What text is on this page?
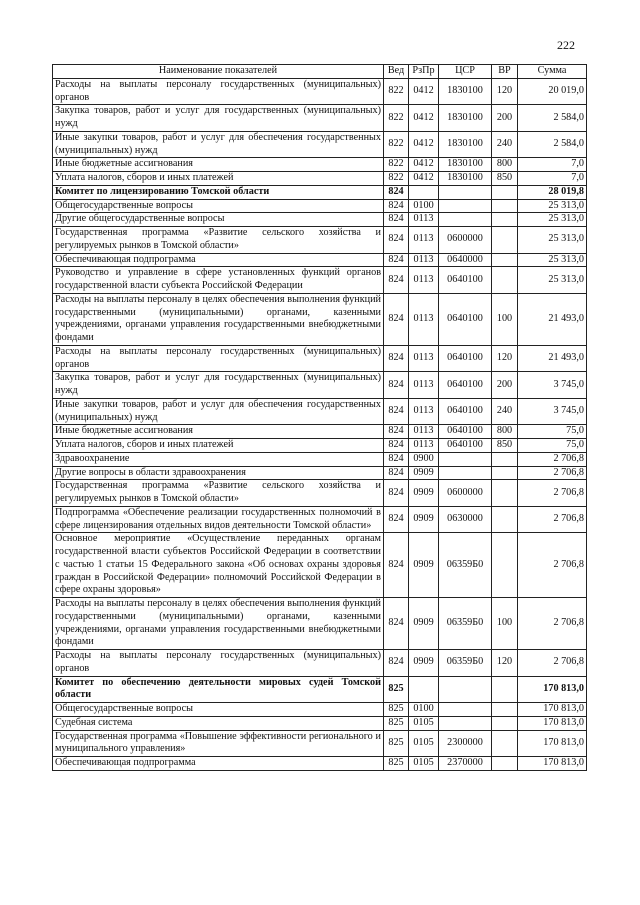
222
Наименование показателей	Вед	РзПр	ЦСР	ВР	Сумма
Расходы на выплаты персоналу государственных (муниципальных) органов	822	0412	1830100	120	20 019,0
Закупка товаров, работ и услуг для государственных (муниципальных) нужд	822	0412	1830100	200	2 584,0
Иные закупки товаров, работ и услуг для обеспечения государственных (муниципальных) нужд	822	0412	1830100	240	2 584,0
Иные бюджетные ассигнования	822	0412	1830100	800	7,0
Уплата налогов, сборов и иных платежей	822	0412	1830100	850	7,0
Комитет по лицензированию Томской области	824				28 019,8
Общегосударственные вопросы	824	0100			25 313,0
Другие общегосударственные вопросы	824	0113			25 313,0
Государственная программа «Развитие сельского хозяйства и регулируемых рынков в Томской области»	824	0113	0600000		25 313,0
Обеспечивающая подпрограмма	824	0113	0640000		25 313,0
Руководство и управление в сфере установленных функций органов государственной власти субъекта Российской Федерации	824	0113	0640100		25 313,0
Расходы на выплаты персоналу в целях обеспечения выполнения функций государственными (муниципальными) органами, казенными учреждениями, органами управления государственными внебюджетными фондами	824	0113	0640100	100	21 493,0
Расходы на выплаты персоналу государственных (муниципальных) органов	824	0113	0640100	120	21 493,0
Закупка товаров, работ и услуг для государственных (муниципальных) нужд	824	0113	0640100	200	3 745,0
Иные закупки товаров, работ и услуг для обеспечения государственных (муниципальных) нужд	824	0113	0640100	240	3 745,0
Иные бюджетные ассигнования	824	0113	0640100	800	75,0
Уплата налогов, сборов и иных платежей	824	0113	0640100	850	75,0
Здравоохранение	824	0900			2 706,8
Другие вопросы в области здравоохранения	824	0909			2 706,8
Государственная программа «Развитие сельского хозяйства и регулируемых рынков в Томской области»	824	0909	0600000		2 706,8
Подпрограмма «Обеспечение реализации государственных полномочий в сфере лицензирования отдельных видов деятельности Томской области»	824	0909	0630000		2 706,8
Основное мероприятие «Осуществление переданных органам государственной власти субъектов Российской Федерации в соответствии с частью 1 статьи 15 Федерального закона «Об основах охраны здоровья граждан в Российской Федерации» полномочий Российской Федерации в сфере охраны здоровья»	824	0909	06359Б0		2 706,8
Расходы на выплаты персоналу в целях обеспечения выполнения функций государственными (муниципальными) органами, казенными учреждениями, органами управления государственными внебюджетными фондами	824	0909	06359Б0	100	2 706,8
Расходы на выплаты персоналу государственных (муниципальных) органов	824	0909	06359Б0	120	2 706,8
Комитет по обеспечению деятельности мировых судей Томской области	825				170 813,0
Общегосударственные вопросы	825	0100			170 813,0
Судебная система	825	0105			170 813,0
Государственная программа «Повышение эффективности регионального и муниципального управления»	825	0105	2300000		170 813,0
Обеспечивающая подпрограмма	825	0105	2370000		170 813,0
